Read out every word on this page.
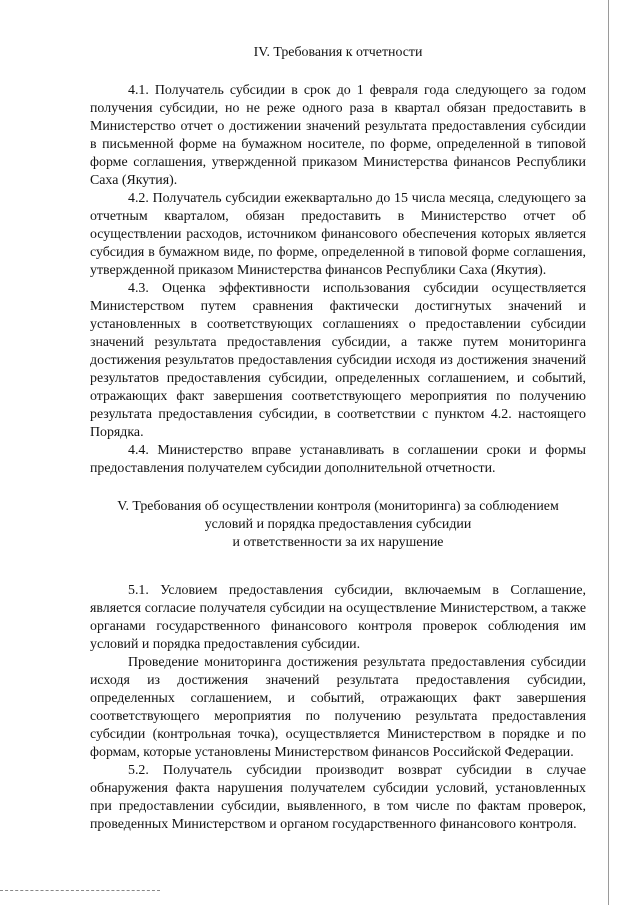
IV. Требования к отчетности

4.1. Получатель субсидии в срок до 1 февраля года следующего за годом получения субсидии, но не реже одного раза в квартал обязан предоставить в Министерство отчет о достижении значений результата предоставления субсидии в письменной форме на бумажном носителе, по форме, определенной в типовой форме соглашения, утвержденной приказом Министерства финансов Республики Саха (Якутия).

4.2. Получатель субсидии ежеквартально до 15 числа месяца, следующего за отчетным кварталом, обязан предоставить в Министерство отчет об осуществлении расходов, источником финансового обеспечения которых является субсидия в бумажном виде, по форме, определенной в типовой форме соглашения, утвержденной приказом Министерства финансов Республики Саха (Якутия).

4.3. Оценка эффективности использования субсидии осуществляется Министерством путем сравнения фактически достигнутых значений и установленных в соответствующих соглашениях о предоставлении субсидии значений результата предоставления субсидии, а также путем мониторинга достижения результатов предоставления субсидии исходя из достижения значений результатов предоставления субсидии, определенных соглашением, и событий, отражающих факт завершения соответствующего мероприятия по получению результата предоставления субсидии, в соответствии с пунктом 4.2. настоящего Порядка.

4.4. Министерство вправе устанавливать в соглашении сроки и формы предоставления получателем субсидии дополнительной отчетности.

V. Требования об осуществлении контроля (мониторинга) за соблюдением
условий и порядка предоставления субсидии
и ответственности за их нарушение

5.1. Условием предоставления субсидии, включаемым в Соглашение, является согласие получателя субсидии на осуществление Министерством, а также органами государственного финансового контроля проверок соблюдения им условий и порядка предоставления субсидии.

Проведение мониторинга достижения результата предоставления субсидии исходя из достижения значений результата предоставления субсидии, определенных соглашением, и событий, отражающих факт завершения соответствующего мероприятия по получению результата предоставления субсидии (контрольная точка), осуществляется Министерством в порядке и по формам, которые установлены Министерством финансов Российской Федерации.

5.2. Получатель субсидии производит возврат субсидии в случае обнаружения факта нарушения получателем субсидии условий, установленных при предоставлении субсидии, выявленного, в том числе по фактам проверок, проведенных Министерством и органом государственного финансового контроля.
